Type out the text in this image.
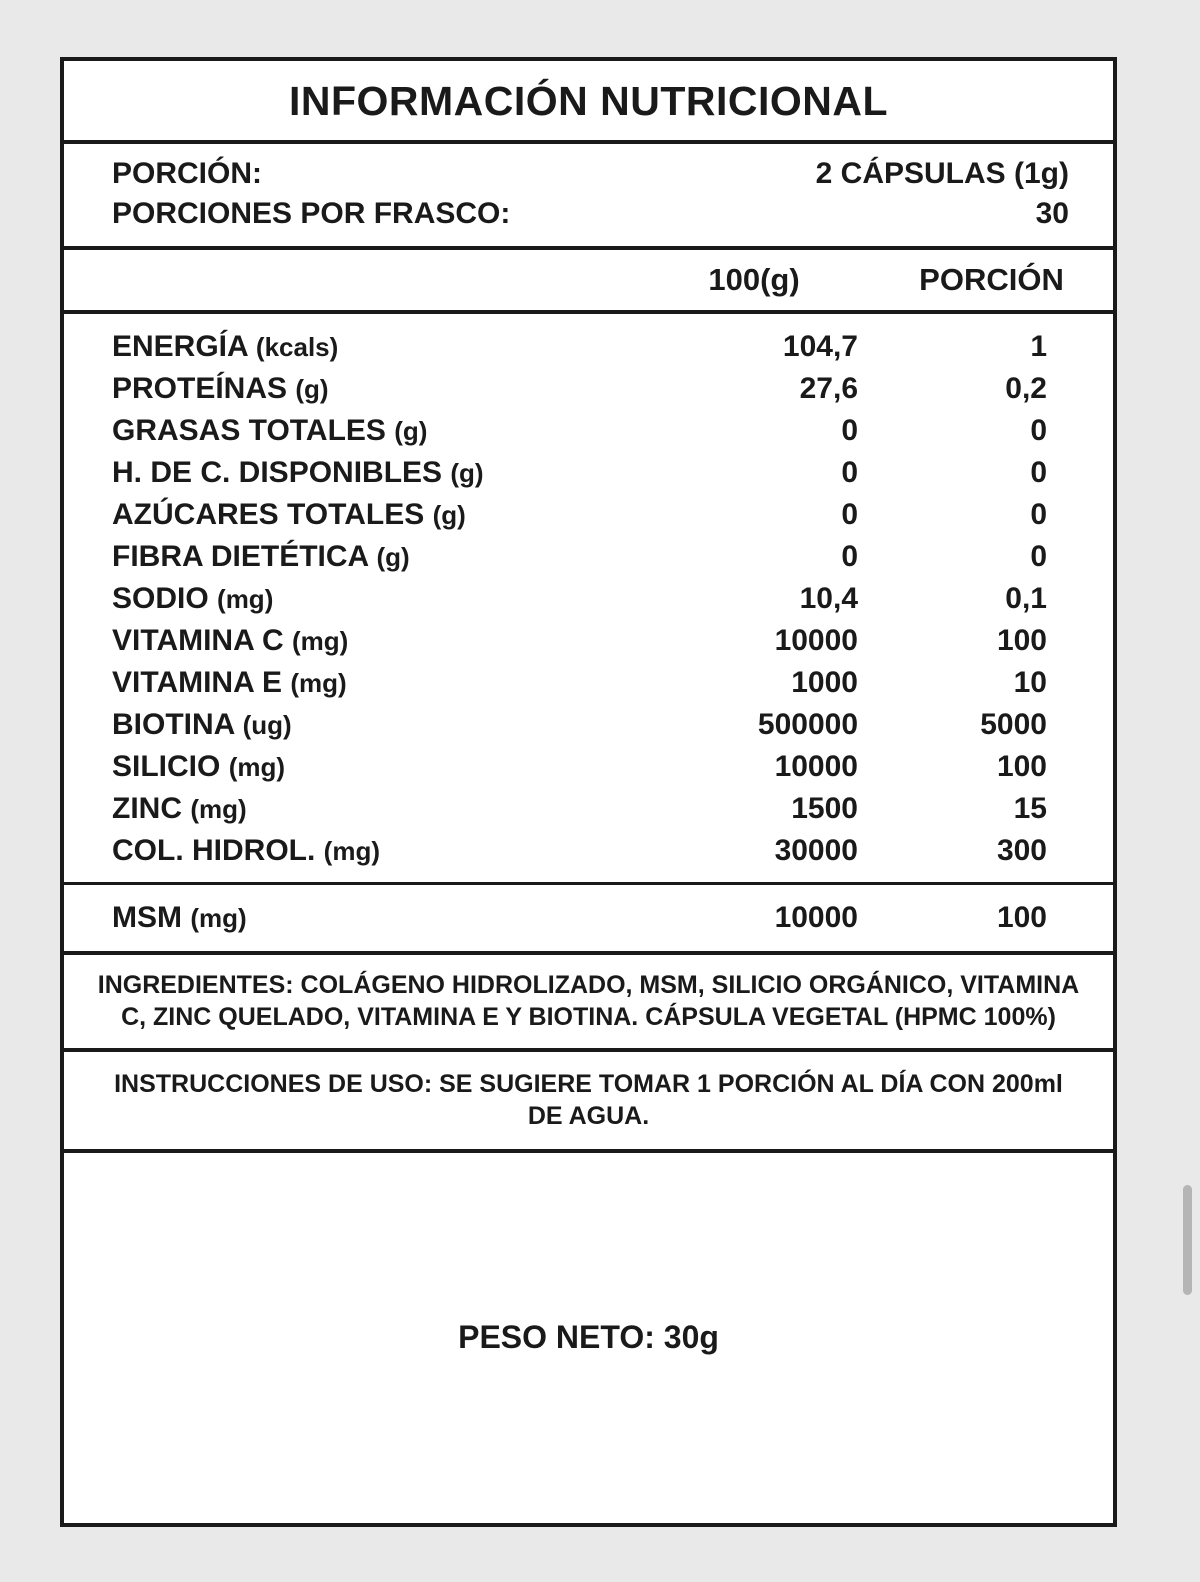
INFORMACIÓN NUTRICIONAL
PORCIÓN:	2 CÁPSULAS (1g)
PORCIONES POR FRASCO:	30
100(g)	PORCIÓN
ENERGÍA (kcals)	104,7	1
PROTEÍNAS (g)	27,6	0,2
GRASAS TOTALES (g)	0	0
H. DE C. DISPONIBLES (g)	0	0
AZÚCARES TOTALES (g)	0	0
FIBRA DIETÉTICA (g)	0	0
SODIO (mg)	10,4	0,1
VITAMINA C (mg)	10000	100
VITAMINA E (mg)	1000	10
BIOTINA (ug)	500000	5000
SILICIO (mg)	10000	100
ZINC (mg)	1500	15
COL. HIDROL. (mg)	30000	300
MSM (mg)	10000	100
INGREDIENTES: COLÁGENO HIDROLIZADO, MSM, SILICIO ORGÁNICO, VITAMINA C, ZINC QUELADO, VITAMINA E Y BIOTINA. CÁPSULA VEGETAL (HPMC 100%)
INSTRUCCIONES DE USO: SE SUGIERE TOMAR 1 PORCIÓN AL DÍA CON 200ml DE AGUA.
PESO NETO: 30g
